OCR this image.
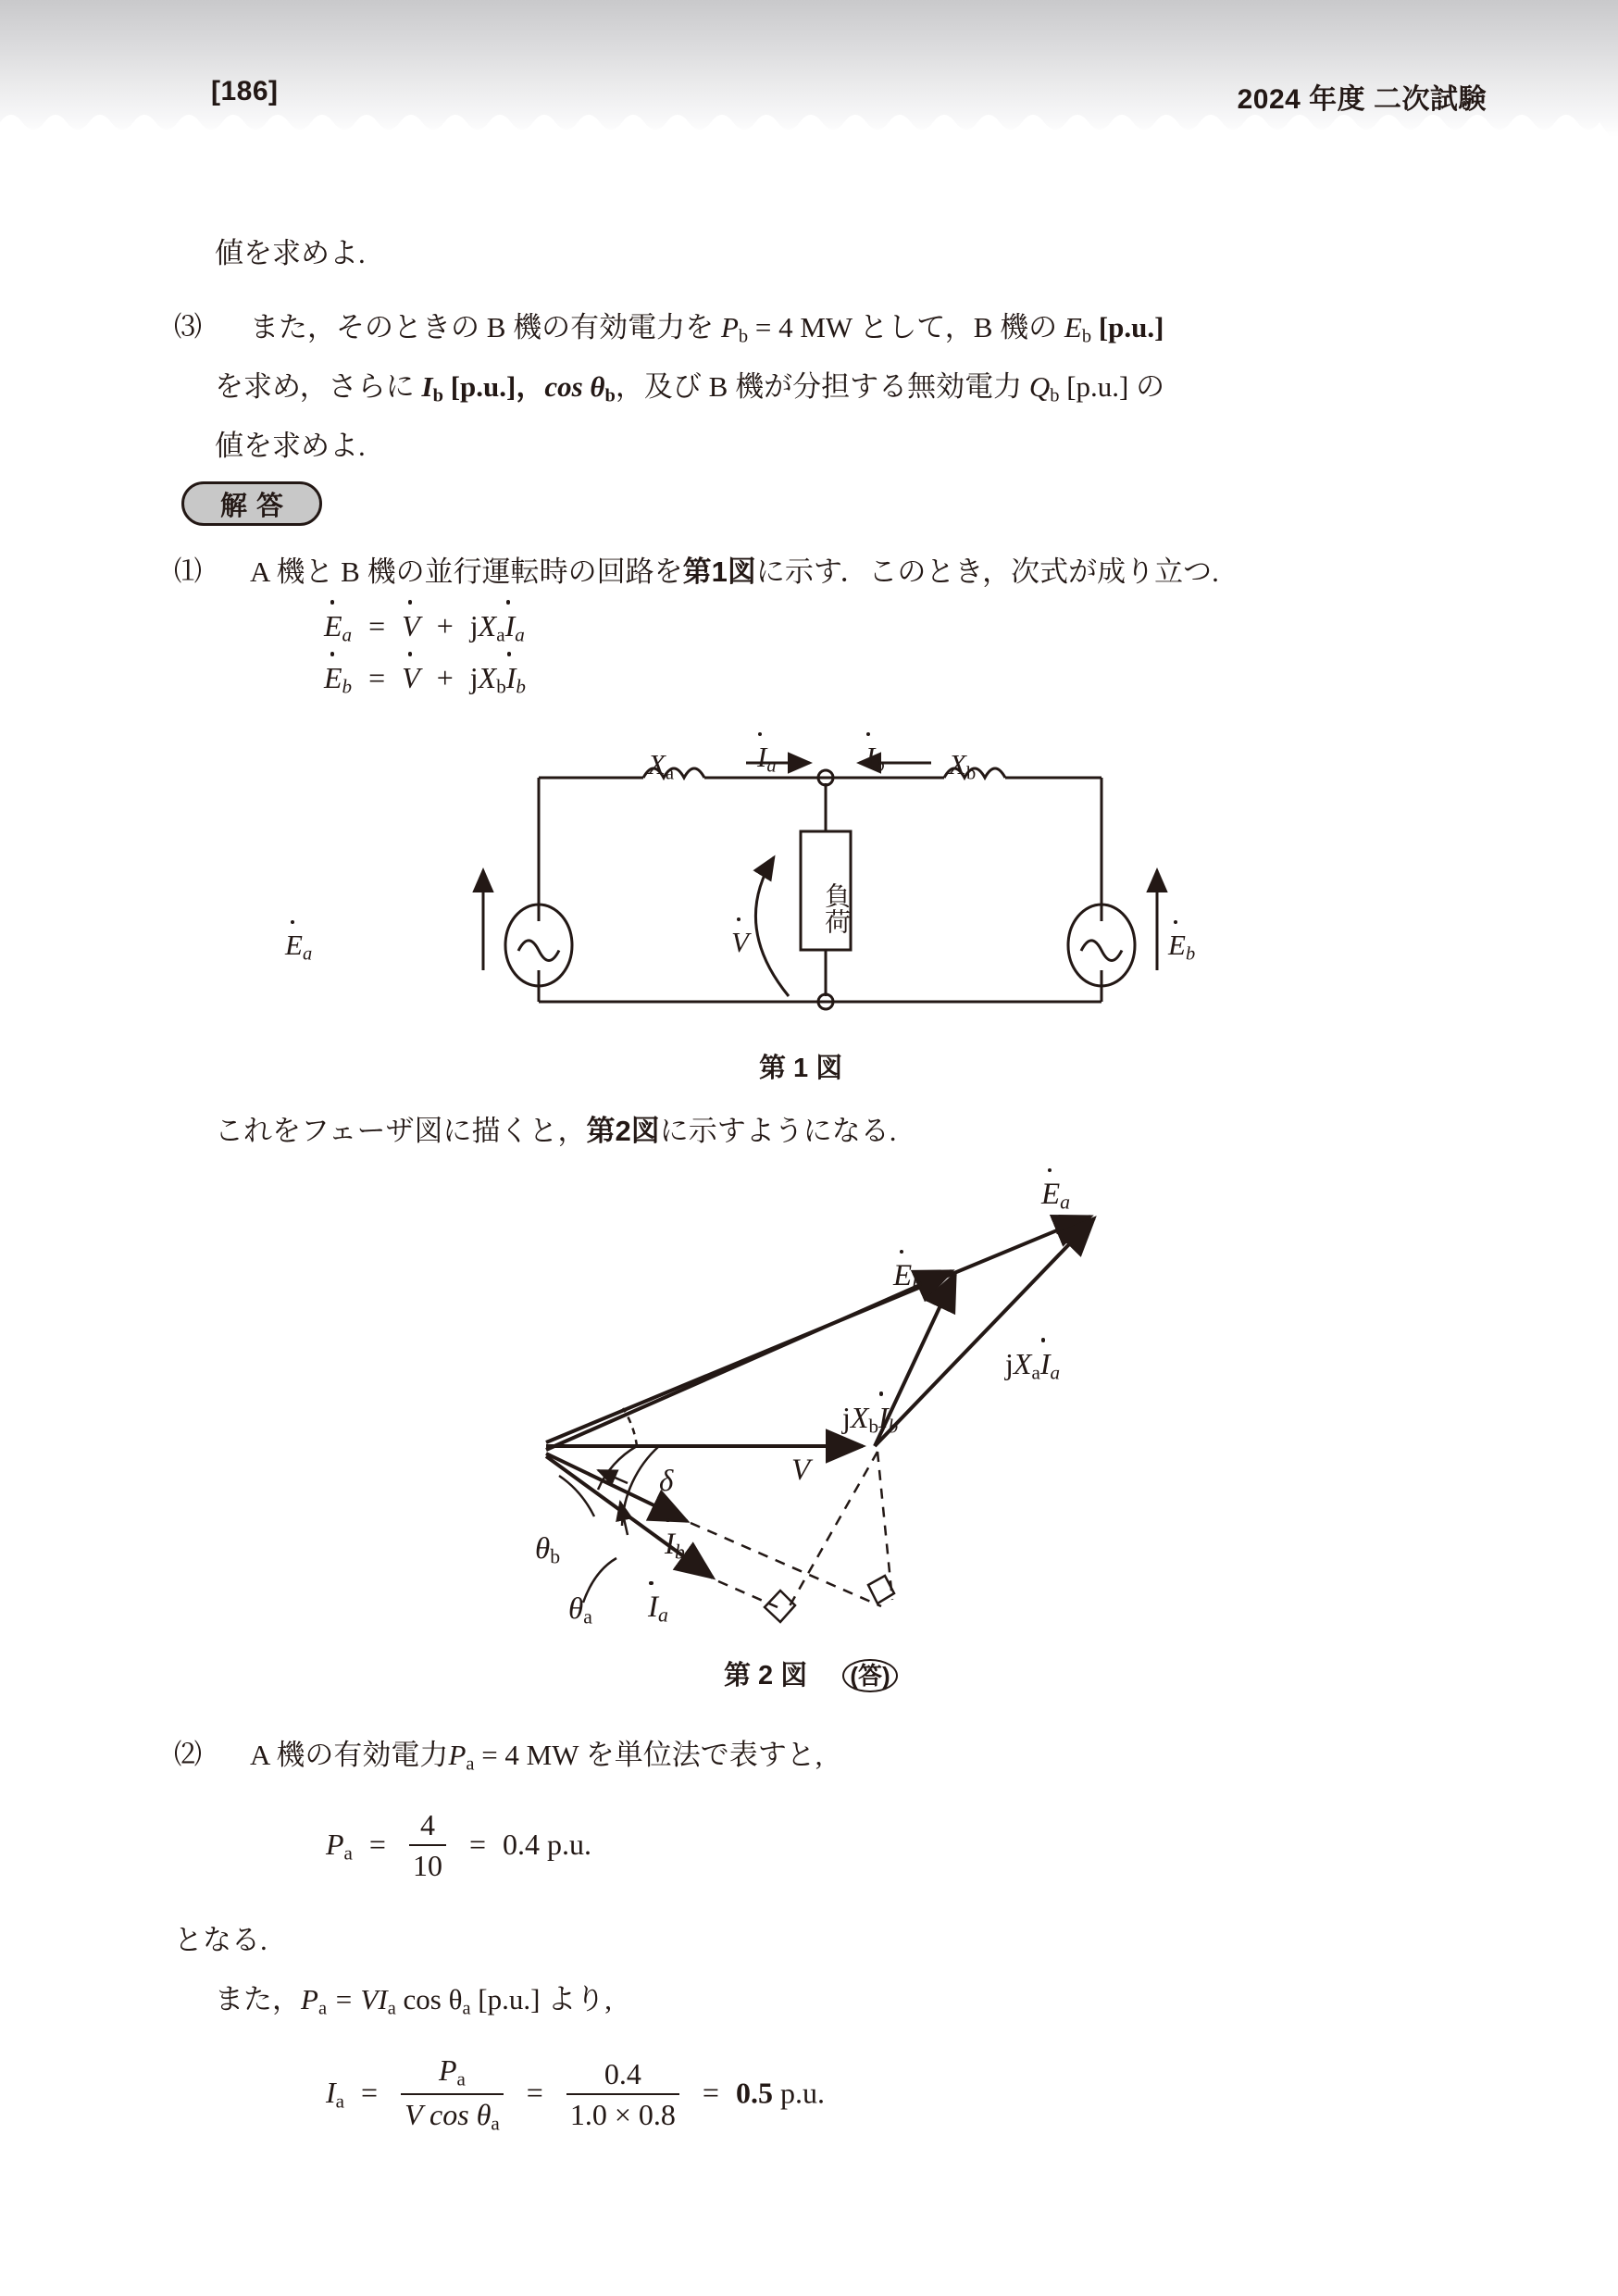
[186]	2024 年度 二次試験
値を求めよ.
⑶ また，そのときの B 機の有効電力を $P_b = 4$ MW として，B 機の $E_b$ [p.u.]
を求め，さらに $I_b$ [p.u.]，$\cos \theta_b$，及び B 機が分担する無効電力 $Q_b$ [p.u.] の
値を求めよ.
解答
⑴ A 機と B 機の並行運転時の回路を第1図に示す．このとき，次式が成り立つ.
$E_a = V + jX_aI_a$
$E_b = V + jX_bI_b$
$X_a$	$X_b$
$I_a$	$I_b$
$E_a$	$E_b$
V
負荷
第 1 図
これをフェーザ図に描くと，第2図に示すようになる.
$E_a$
$E_b$
$jX_aI_a$
$jX_bI_b$
V
δ
$I_b$
$I_a$
$\theta_b$
$\theta_a$
第 2 図 (答)
⑵ A 機の有効電力$P_a = 4$ MW を単位法で表すと,
$P_a = \frac{4}{10} = 0.4$ p.u.
となる.
また，$P_a = VI_a$ $\cos \theta_a$ [p.u.] より,
$I_a = \frac{P_a}{V \cos \theta_a} = \frac{0.4}{1.0 \times 0.8} = 0.5$ p.u.
